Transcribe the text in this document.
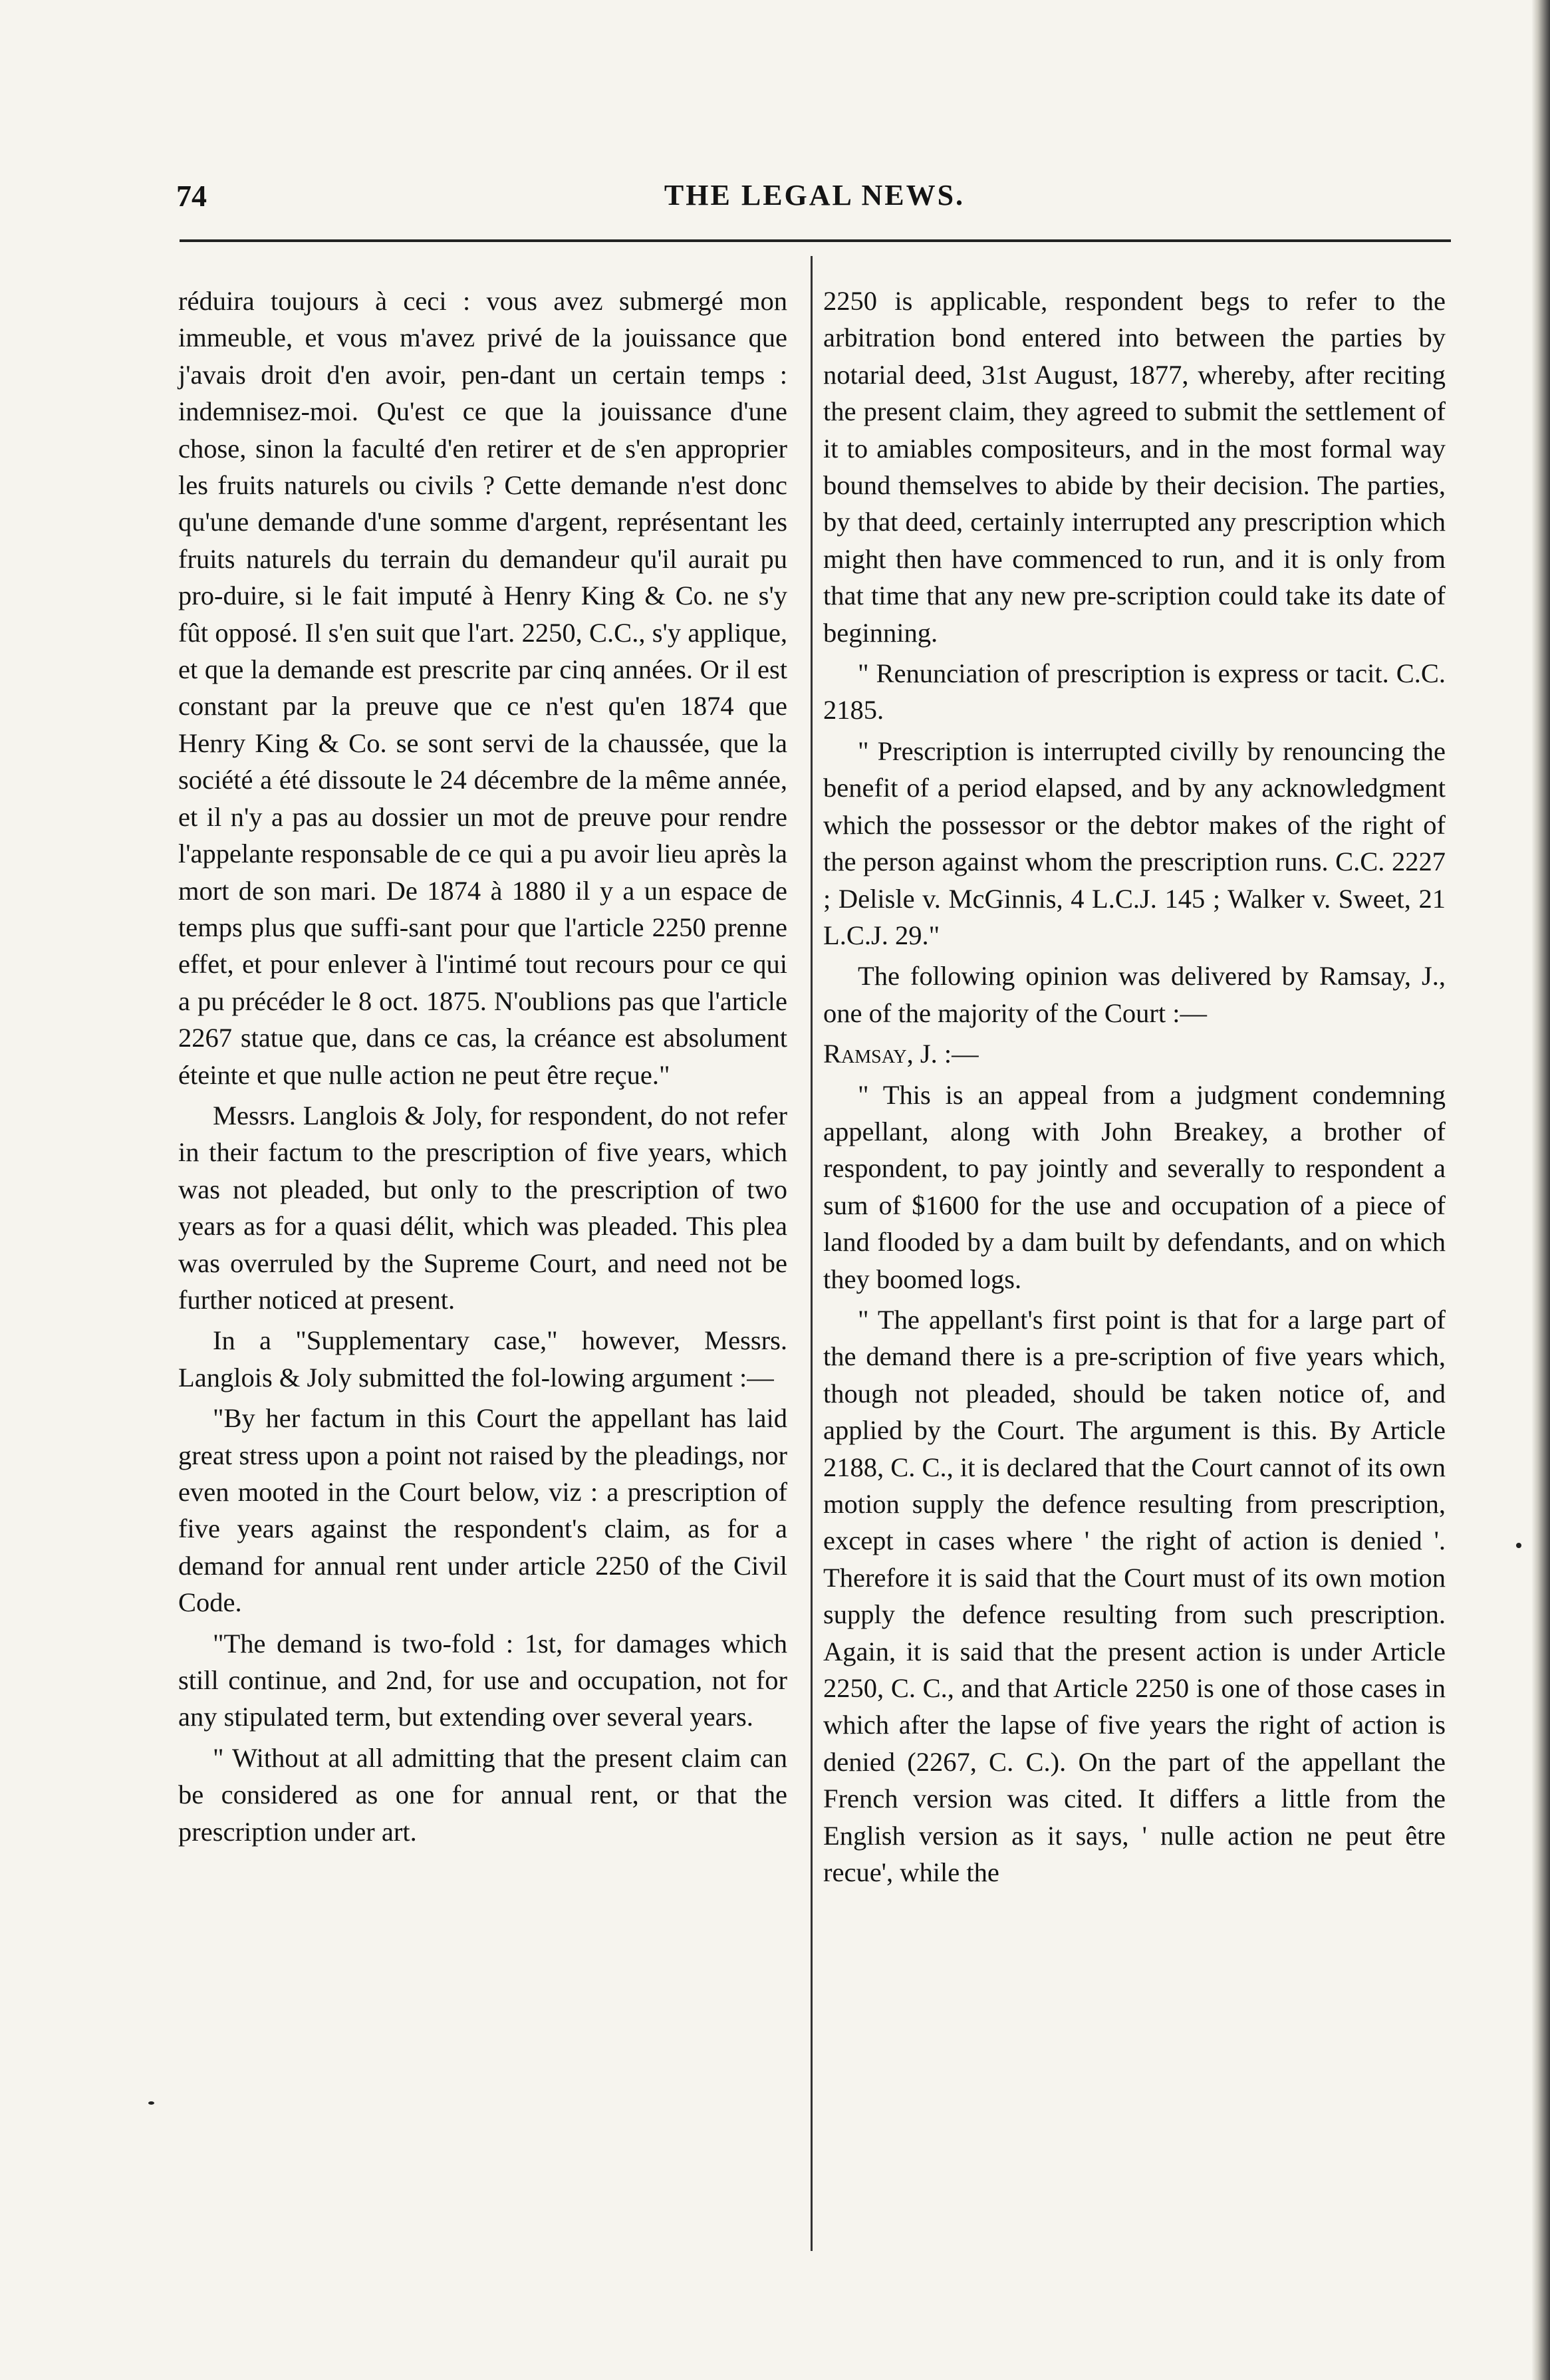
74	THE LEGAL NEWS.

réduira toujours à ceci : vous avez submergé mon immeuble, et vous m'avez privé de la jouissance que j'avais droit d'en avoir, pen-dant un certain temps : indemnisez-moi. Qu'est ce que la jouissance d'une chose, sinon la faculté d'en retirer et de s'en approprier les fruits naturels ou civils ? Cette demande n'est donc qu'une demande d'une somme d'argent, représentant les fruits naturels du terrain du demandeur qu'il aurait pu pro-duire, si le fait imputé à Henry King & Co. ne s'y fût opposé. Il s'en suit que l'art. 2250, C.C., s'y applique, et que la demande est prescrite par cinq années. Or il est constant par la preuve que ce n'est qu'en 1874 que Henry King & Co. se sont servi de la chaussée, que la société a été dissoute le 24 décembre de la même année, et il n'y a pas au dossier un mot de preuve pour rendre l'appelante responsable de ce qui a pu avoir lieu après la mort de son mari. De 1874 à 1880 il y a un espace de temps plus que suffi-sant pour que l'article 2250 prenne effet, et pour enlever à l'intimé tout recours pour ce qui a pu précéder le 8 oct. 1875. N'oublions pas que l'article 2267 statue que, dans ce cas, la créance est absolument éteinte et que nulle action ne peut être reçue."

Messrs. Langlois & Joly, for respondent, do not refer in their factum to the prescription of five years, which was not pleaded, but only to the prescription of two years as for a quasi délit, which was pleaded. This plea was overruled by the Supreme Court, and need not be further noticed at present.

In a "Supplementary case," however, Messrs. Langlois & Joly submitted the fol-lowing argument :—

"By her factum in this Court the appellant has laid great stress upon a point not raised by the pleadings, nor even mooted in the Court below, viz : a prescription of five years against the respondent's claim, as for a demand for annual rent under article 2250 of the Civil Code.

"The demand is two-fold : 1st, for damages which still continue, and 2nd, for use and occupation, not for any stipulated term, but extending over several years.

" Without at all admitting that the present claim can be considered as one for annual rent, or that the prescription under art.

2250 is applicable, respondent begs to refer to the arbitration bond entered into between the parties by notarial deed, 31st August, 1877, whereby, after reciting the present claim, they agreed to submit the settlement of it to amiables compositeurs, and in the most formal way bound themselves to abide by their decision. The parties, by that deed, certainly interrupted any prescription which might then have commenced to run, and it is only from that time that any new pre-scription could take its date of beginning.

" Renunciation of prescription is express or tacit. C.C. 2185.

" Prescription is interrupted civilly by renouncing the benefit of a period elapsed, and by any acknowledgment which the possessor or the debtor makes of the right of the person against whom the prescription runs. C.C. 2227 ; Delisle v. McGinnis, 4 L.C.J. 145 ; Walker v. Sweet, 21 L.C.J. 29."

The following opinion was delivered by Ramsay, J., one of the majority of the Court :—

Ramsay, J. :—

" This is an appeal from a judgment condemning appellant, along with John Breakey, a brother of respondent, to pay jointly and severally to respondent a sum of $1600 for the use and occupation of a piece of land flooded by a dam built by defendants, and on which they boomed logs.

" The appellant's first point is that for a large part of the demand there is a pre-scription of five years which, though not pleaded, should be taken notice of, and applied by the Court. The argument is this. By Article 2188, C. C., it is declared that the Court cannot of its own motion supply the defence resulting from prescription, except in cases where ' the right of action is denied '. Therefore it is said that the Court must of its own motion supply the defence resulting from such prescription. Again, it is said that the present action is under Article 2250, C. C., and that Article 2250 is one of those cases in which after the lapse of five years the right of action is denied (2267, C. C.). On the part of the appellant the French version was cited. It differs a little from the English version as it says, ' nulle action ne peut être recue', while the
